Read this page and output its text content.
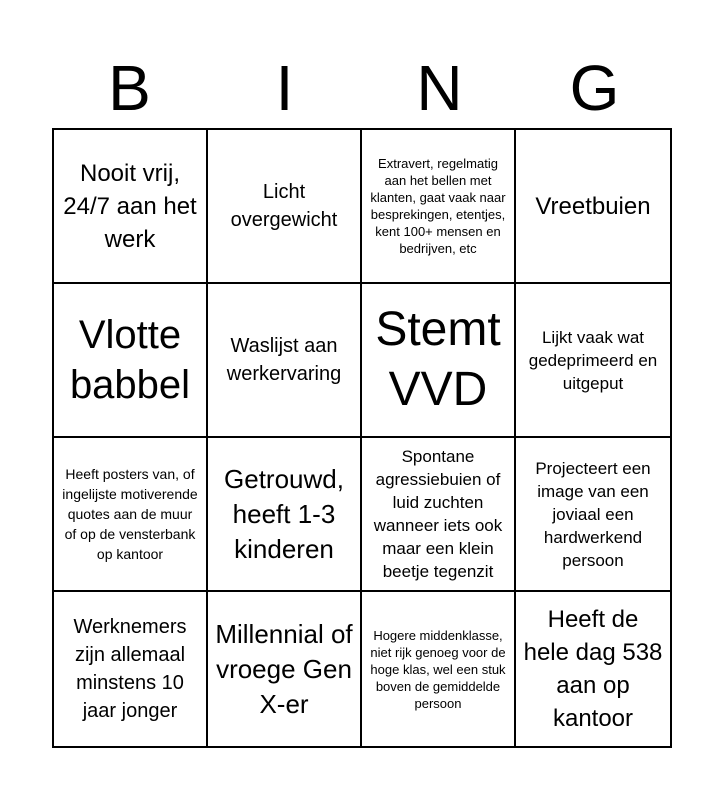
B	I	N	G
Nooit vrij, 24/7 aan het werk
Licht overgewicht
Extravert, regelmatig aan het bellen met klanten, gaat vaak naar besprekingen, etentjes, kent 100+ mensen en bedrijven, etc
Vreetbuien
Vlotte babbel
Waslijst aan werkervaring
Stemt VVD
Lijkt vaak wat gedeprimeerd en uitgeput
Heeft posters van, of ingelijste motiverende quotes aan de muur of op de vensterbank op kantoor
Getrouwd, heeft 1-3 kinderen
Spontane agressiebuien of luid zuchten wanneer iets ook maar een klein beetje tegenzit
Projecteert een image van een joviaal een hardwerkend persoon
Werknemers zijn allemaal minstens 10 jaar jonger
Millennial of vroege Gen X-er
Hogere middenklasse, niet rijk genoeg voor de hoge klas, wel een stuk boven de gemiddelde persoon
Heeft de hele dag 538 aan op kantoor
